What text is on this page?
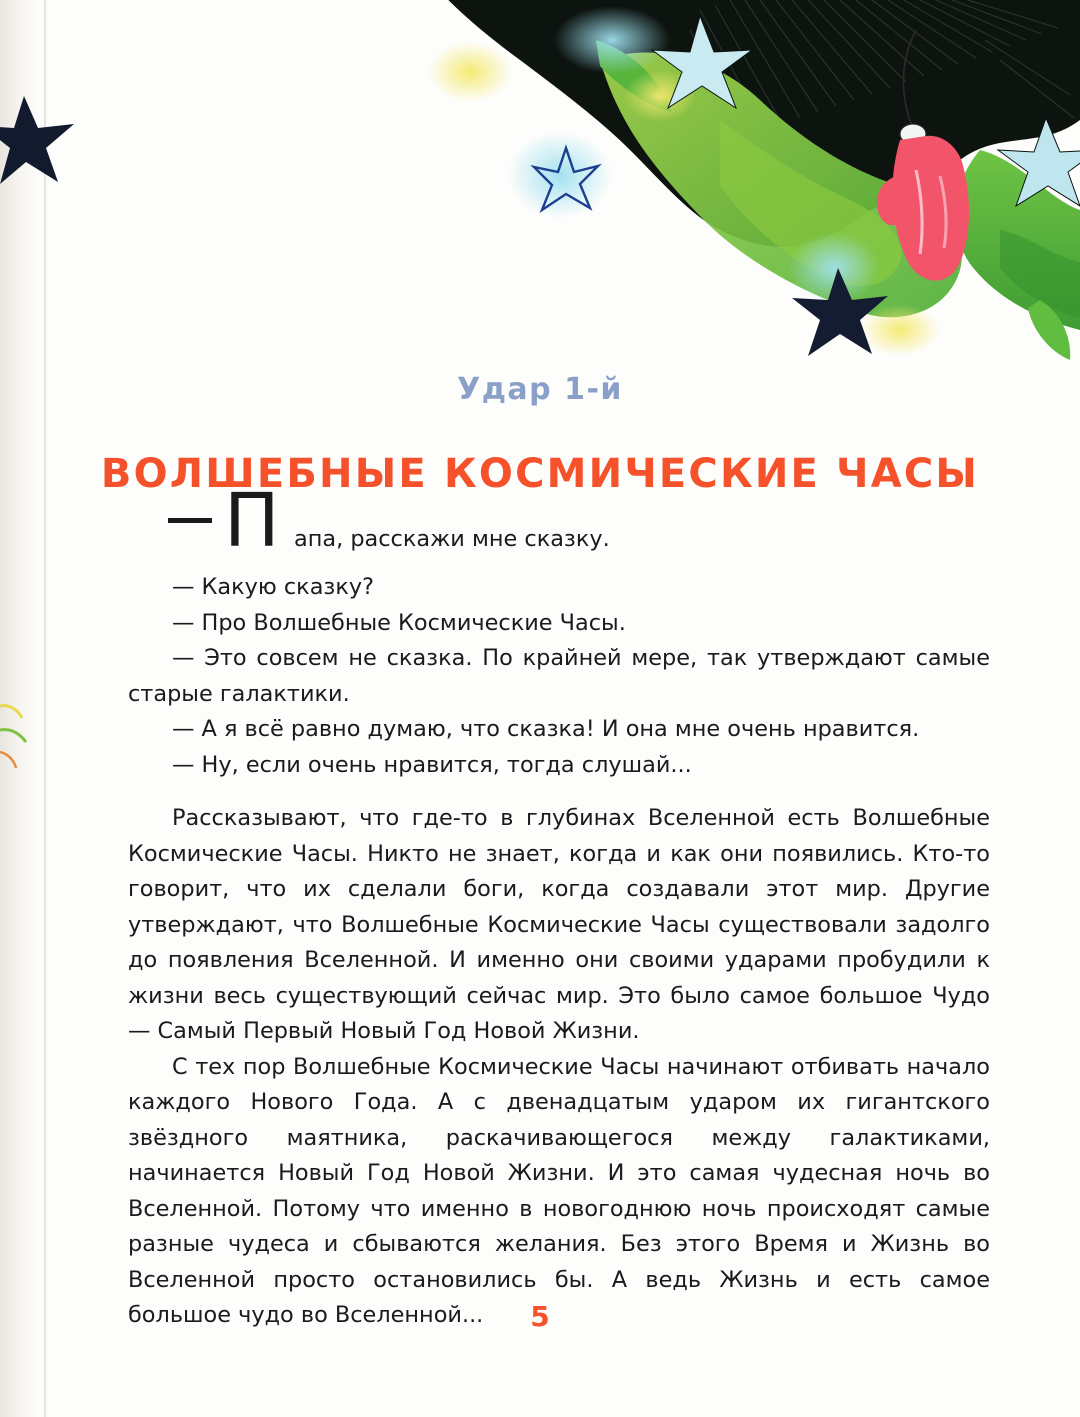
Удар 1-й
ВОЛШЕБНЫЕ КОСМИЧЕСКИЕ ЧАСЫ
П апа, расскажи мне сказку.

— Какую сказку?

— Про Волшебные Космические Часы.

— Это совсем не сказка. По крайней мере, так утверждают самые старые галактики.

— А я всё равно думаю, что сказка! И она мне очень нравится.

— Ну, если очень нравится, тогда слушай...

Рассказывают, что где-то в глубинах Вселенной есть Волшебные Космические Часы. Никто не знает, когда и как они появились. Кто-то говорит, что их сделали боги, когда создавали этот мир. Другие утверждают, что Волшебные Космические Часы существовали задолго до появления Вселенной. И именно они своими ударами пробудили к жизни весь существующий сейчас мир. Это было самое большое Чудо — Самый Первый Новый Год Новой Жизни.

С тех пор Волшебные Космические Часы начинают отбивать начало каждого Нового Года. А с двенадцатым ударом их гигантского звёздного маятника, раскачивающегося между галактиками, начинается Новый Год Новой Жизни. И это самая чудесная ночь во Вселенной. Потому что именно в новогоднюю ночь происходят самые разные чудеса и сбываются желания. Без этого Время и Жизнь во Вселенной просто остановились бы. А ведь Жизнь и есть самое большое чудо во Вселенной...	5
